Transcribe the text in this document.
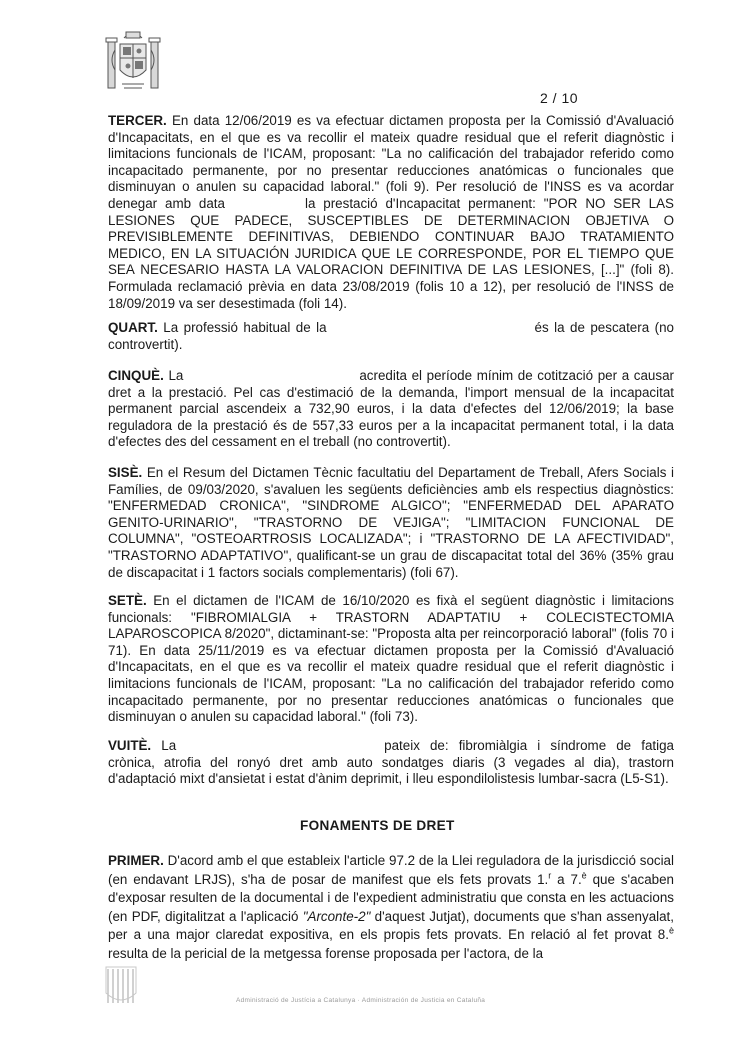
2 / 10

TERCER. En data 12/06/2019 es va efectuar dictamen proposta per la Comissió d'Avaluació d'Incapacitats, en el que es va recollir el mateix quadre residual que el referit diagnòstic i limitacions funcionals de l'ICAM, proposant: "La no calificación del trabajador referido como incapacitado permanente, por no presentar reducciones anatómicas o funcionales que disminuyan o anulen su capacidad laboral." (foli 9). Per resolució de l'INSS es va acordar denegar amb data	la prestació d'Incapacitat permanent: "POR NO SER LAS LESIONES QUE PADECE, SUSCEPTIBLES DE DETERMINACION OBJETIVA O PREVISIBLEMENTE DEFINITIVAS, DEBIENDO CONTINUAR BAJO TRATAMIENTO MEDICO, EN LA SITUACIÓN JURIDICA QUE LE CORRESPONDE, POR EL TIEMPO QUE SEA NECESARIO HASTA LA VALORACION DEFINITIVA DE LAS LESIONES, [...]" (foli 8). Formulada reclamació prèvia en data 23/08/2019 (folis 10 a 12), per resolució de l'INSS de 18/09/2019 va ser desestimada (foli 14).

QUART. La professió habitual de la	és la de pescatera (no controvertit).

CINQUÈ. La	acredita el període mínim de cotització per a causar dret a la prestació. Pel cas d'estimació de la demanda, l'import mensual de la incapacitat permanent parcial ascendeix a 732,90 euros, i la data d'efectes del 12/06/2019; la base reguladora de la prestació és de 557,33 euros per a la incapacitat permanent total, i la data d'efectes des del cessament en el treball (no controvertit).

SISÈ. En el Resum del Dictamen Tècnic facultatiu del Departament de Treball, Afers Socials i Famílies, de 09/03/2020, s'avaluen les següents deficiències amb els respectius diagnòstics: "ENFERMEDAD CRONICA", "SINDROME ALGICO"; "ENFERMEDAD DEL APARATO GENITO-URINARIO", "TRASTORNO DE VEJIGA"; "LIMITACION FUNCIONAL DE COLUMNA", "OSTEOARTROSIS LOCALIZADA"; i "TRASTORNO DE LA AFECTIVIDAD", "TRASTORNO ADAPTATIVO", qualificant-se un grau de discapacitat total del 36% (35% grau de discapacitat i 1 factors socials complementaris) (foli 67).

SETÈ. En el dictamen de l'ICAM de 16/10/2020 es fixà el següent diagnòstic i limitacions funcionals: "FIBROMIALGIA + TRASTORN ADAPTATIU + COLECISTECTOMIA LAPAROSCOPICA 8/2020", dictaminant-se: "Proposta alta per reincorporació laboral" (folis 70 i 71). En data 25/11/2019 es va efectuar dictamen proposta per la Comissió d'Avaluació d'Incapacitats, en el que es va recollir el mateix quadre residual que el referit diagnòstic i limitacions funcionals de l'ICAM, proposant: "La no calificación del trabajador referido como incapacitado permanente, por no presentar reducciones anatómicas o funcionales que disminuyan o anulen su capacidad laboral." (foli 73).

VUITÈ. La	pateix de: fibromiàlgia i síndrome de fatiga crònica, atrofia del ronyó dret amb auto sondatges diaris (3 vegades al dia), trastorn d'adaptació mixt d'ansietat i estat d'ànim deprimit, i lleu espondilolistesis lumbar-sacra (L5-S1).

FONAMENTS DE DRET

PRIMER. D'acord amb el que estableix l'article 97.2 de la Llei reguladora de la jurisdicció social (en endavant LRJS), s'ha de posar de manifest que els fets provats 1.$^r$ a 7.$^è$ que s'acaben d'exposar resulten de la documental i de l'expedient administratiu que consta en les actuacions (en PDF, digitalitzat a l'aplicació "Arconte-2" d'aquest Jutjat), documents que s'han assenyalat, per a una major claredat expositiva, en els propis fets provats. En relació al fet provat 8.$^è$ resulta de la pericial de la metgessa forense proposada per l'actora, de la

Administració de Justícia a Catalunya · Administración de Justicia en Cataluña
